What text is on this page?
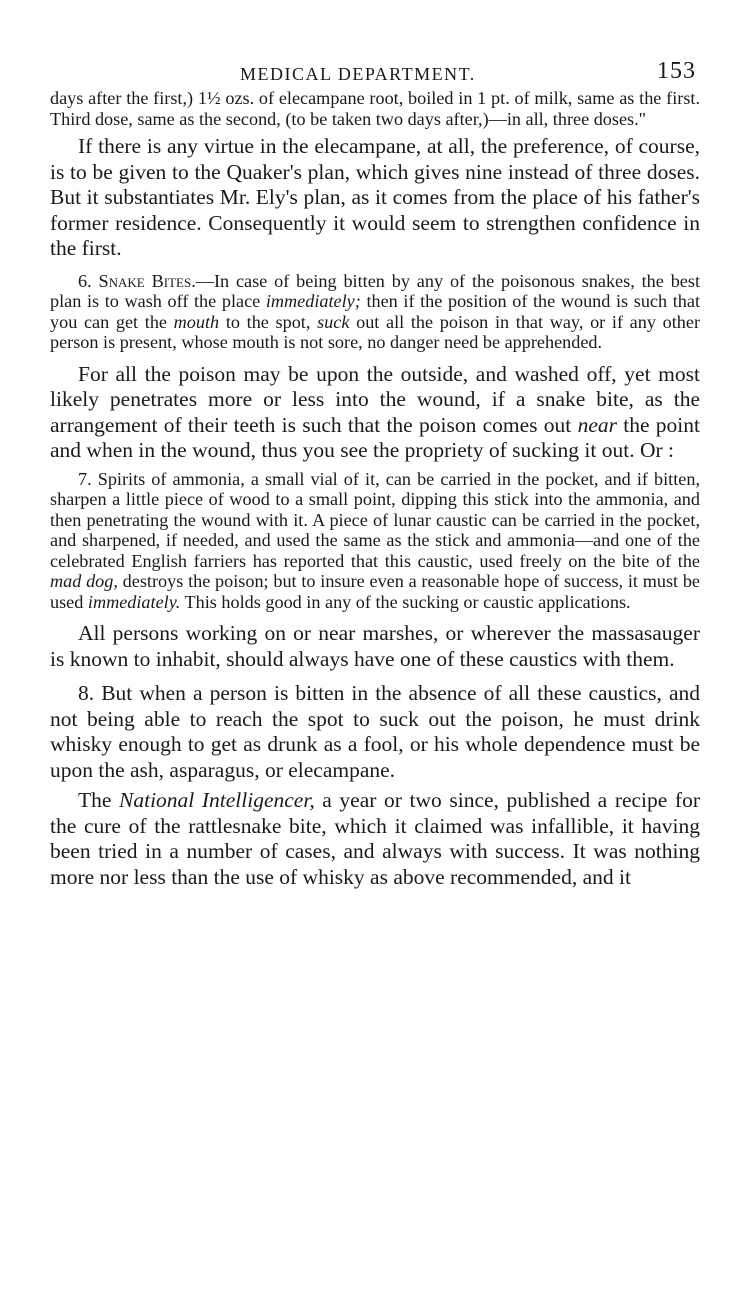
MEDICAL DEPARTMENT.	153

days after the first,) 1½ ozs. of elecampane root, boiled in 1 pt. of milk, same as the first. Third dose, same as the second, (to be taken two days after,)—in all, three doses."

If there is any virtue in the elecampane, at all, the preference, of course, is to be given to the Quaker's plan, which gives nine instead of three doses. But it substantiates Mr. Ely's plan, as it comes from the place of his father's former residence. Consequently it would seem to strengthen confidence in the first.

6. Snake Bites.—In case of being bitten by any of the poisonous snakes, the best plan is to wash off the place immediately; then if the position of the wound is such that you can get the mouth to the spot, suck out all the poison in that way, or if any other person is present, whose mouth is not sore, no danger need be apprehended.

For all the poison may be upon the outside, and washed off, yet most likely penetrates more or less into the wound, if a snake bite, as the arrangement of their teeth is such that the poison comes out near the point and when in the wound, thus you see the propriety of sucking it out. Or :

7. Spirits of ammonia, a small vial of it, can be carried in the pocket, and if bitten, sharpen a little piece of wood to a small point, dipping this stick into the ammonia, and then penetrating the wound with it. A piece of lunar caustic can be carried in the pocket, and sharpened, if needed, and used the same as the stick and ammonia—and one of the celebrated English farriers has reported that this caustic, used freely on the bite of the mad dog, destroys the poison; but to insure even a reasonable hope of success, it must be used immediately. This holds good in any of the sucking or caustic applications.

All persons working on or near marshes, or wherever the massasauger is known to inhabit, should always have one of these caustics with them.

8. But when a person is bitten in the absence of all these caustics, and not being able to reach the spot to suck out the poison, he must drink whisky enough to get as drunk as a fool, or his whole dependence must be upon the ash, asparagus, or elecampane.

The National Intelligencer, a year or two since, published a recipe for the cure of the rattlesnake bite, which it claimed was infallible, it having been tried in a number of cases, and always with success. It was nothing more nor less than the use of whisky as above recommended, and it
